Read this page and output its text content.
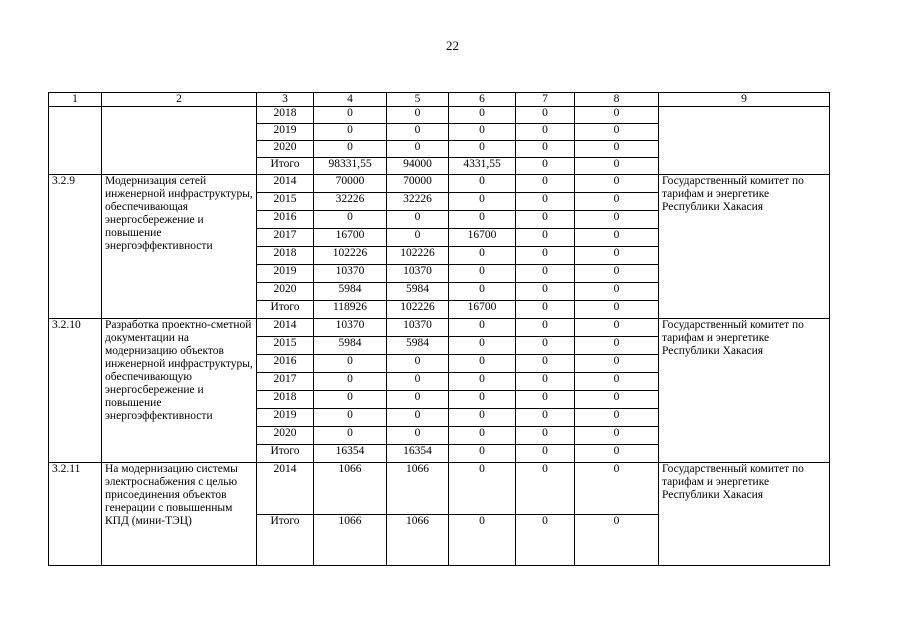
22
1	2	3	4	5	6	7	8	9
		2018	0	0	0	0	0	
		2019	0	0	0	0	0	
		2020	0	0	0	0	0	
		Итого	98331,55	94000	4331,55	0	0	
3.2.9	Модернизация сетей инженерной инфраструктуры, обеспечивающая энергосбережение и повышение энергоэффективности	2014	70000	70000	0	0	0	Государственный комитет по тарифам и энергетике Республики Хакасия
		2015	32226	32226	0	0	0	
		2016	0	0	0	0	0	
		2017	16700	0	16700	0	0	
		2018	102226	102226	0	0	0	
		2019	10370	10370	0	0	0	
		2020	5984	5984	0	0	0	
		Итого	118926	102226	16700	0	0	
3.2.10	Разработка проектно-сметной документации на модернизацию объектов инженерной инфраструктуры, обеспечивающую энергосбережение и повышение энергоэффективности	2014	10370	10370	0	0	0	Государственный комитет по тарифам и энергетике Республики Хакасия
		2015	5984	5984	0	0	0	
		2016	0	0	0	0	0	
		2017	0	0	0	0	0	
		2018	0	0	0	0	0	
		2019	0	0	0	0	0	
		2020	0	0	0	0	0	
		Итого	16354	16354	0	0	0	
3.2.11	На модернизацию системы электроснабжения с целью присоединения объектов генерации с повышенным КПД (мини-ТЭЦ)	2014	1066	1066	0	0	0	Государственный комитет по тарифам и энергетике Республики Хакасия
		Итого	1066	1066	0	0	0	
